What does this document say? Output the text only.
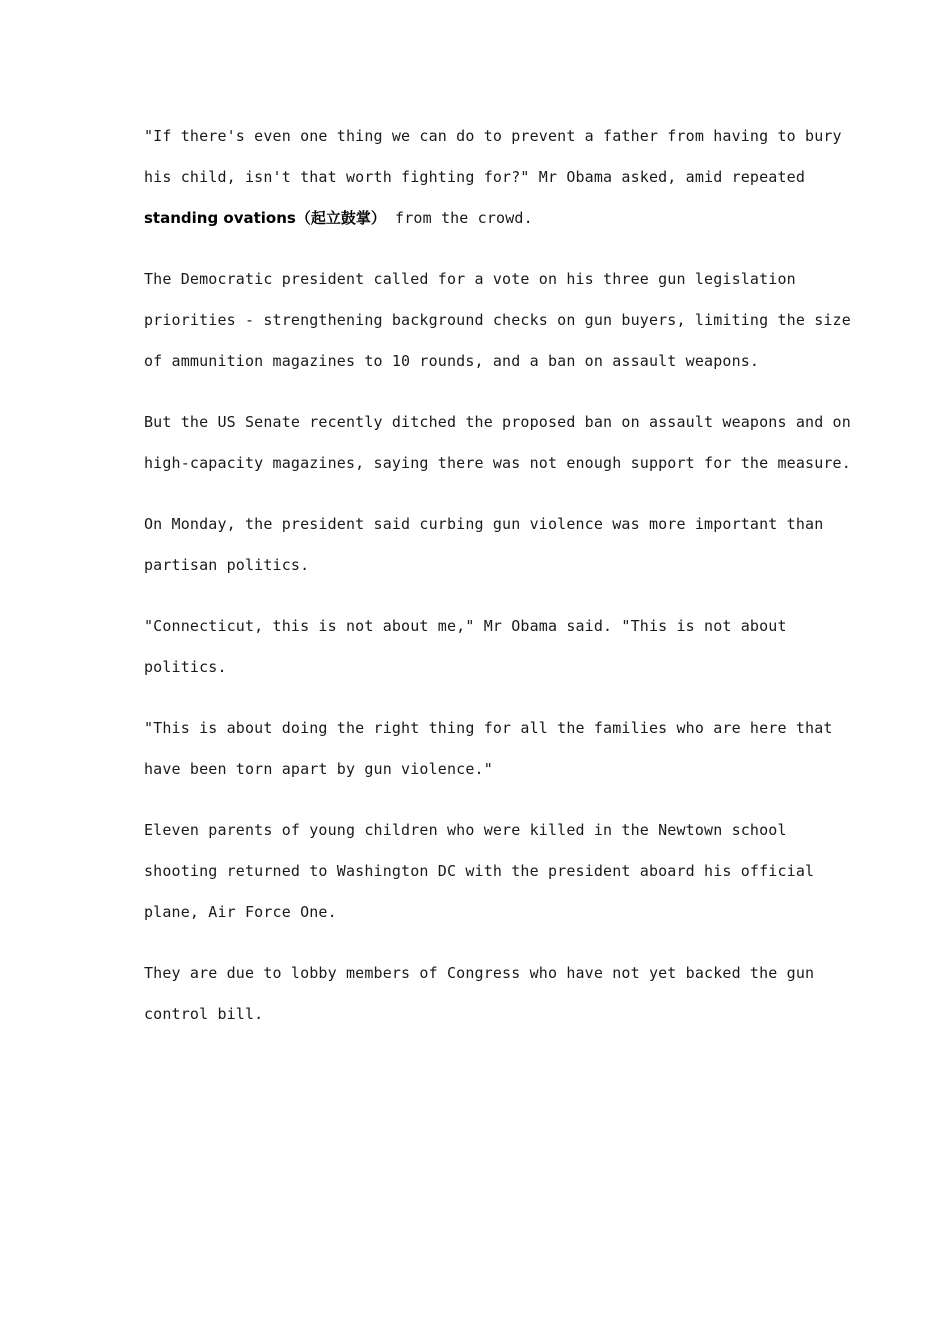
"If there's even one thing we can do to prevent a father from having to bury
his child, isn't that worth fighting for?" Mr Obama asked, amid repeated
standing ovations（起立鼓掌） from the crowd.

The Democratic president called for a vote on his three gun legislation
priorities - strengthening background checks on gun buyers, limiting the size
of ammunition magazines to 10 rounds, and a ban on assault weapons.

But the US Senate recently ditched the proposed ban on assault weapons and on
high-capacity magazines, saying there was not enough support for the measure.

On Monday, the president said curbing gun violence was more important than
partisan politics.

"Connecticut, this is not about me," Mr Obama said. "This is not about
politics.

"This is about doing the right thing for all the families who are here that
have been torn apart by gun violence."

Eleven parents of young children who were killed in the Newtown school
shooting returned to Washington DC with the president aboard his official
plane, Air Force One.

They are due to lobby members of Congress who have not yet backed the gun
control bill.
